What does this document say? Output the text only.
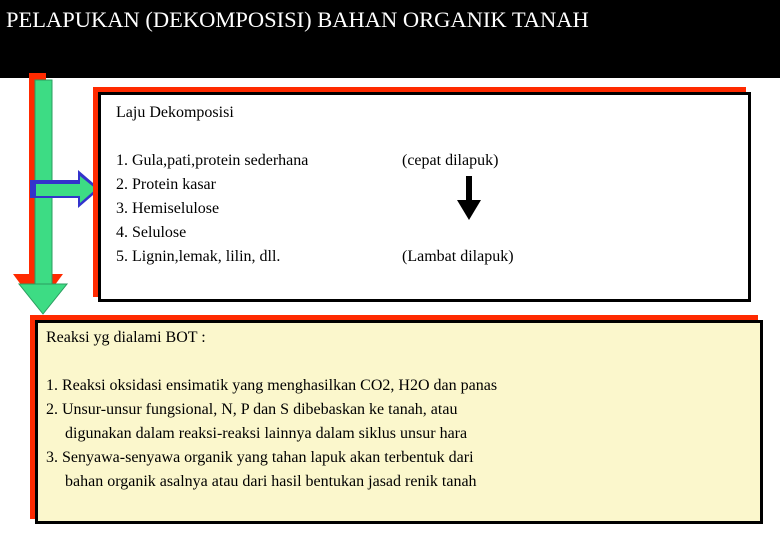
PELAPUKAN (DEKOMPOSISI) BAHAN ORGANIK TANAH
Laju Dekomposisi
1. Gula,pati,protein sederhana
2. Protein kasar
3. Hemiselulose
4. Selulose
5. Lignin,lemak, lilin, dll.
(cepat dilapuk)
(Lambat dilapuk)
Reaksi yg dialami BOT :
1. Reaksi oksidasi ensimatik yang menghasilkan CO2, H2O dan panas
2. Unsur-unsur fungsional, N, P dan S dibebaskan ke tanah, atau
digunakan dalam reaksi-reaksi lainnya dalam siklus unsur hara
3. Senyawa-senyawa organik yang tahan lapuk akan terbentuk dari
bahan organik asalnya atau dari hasil bentukan jasad renik tanah
